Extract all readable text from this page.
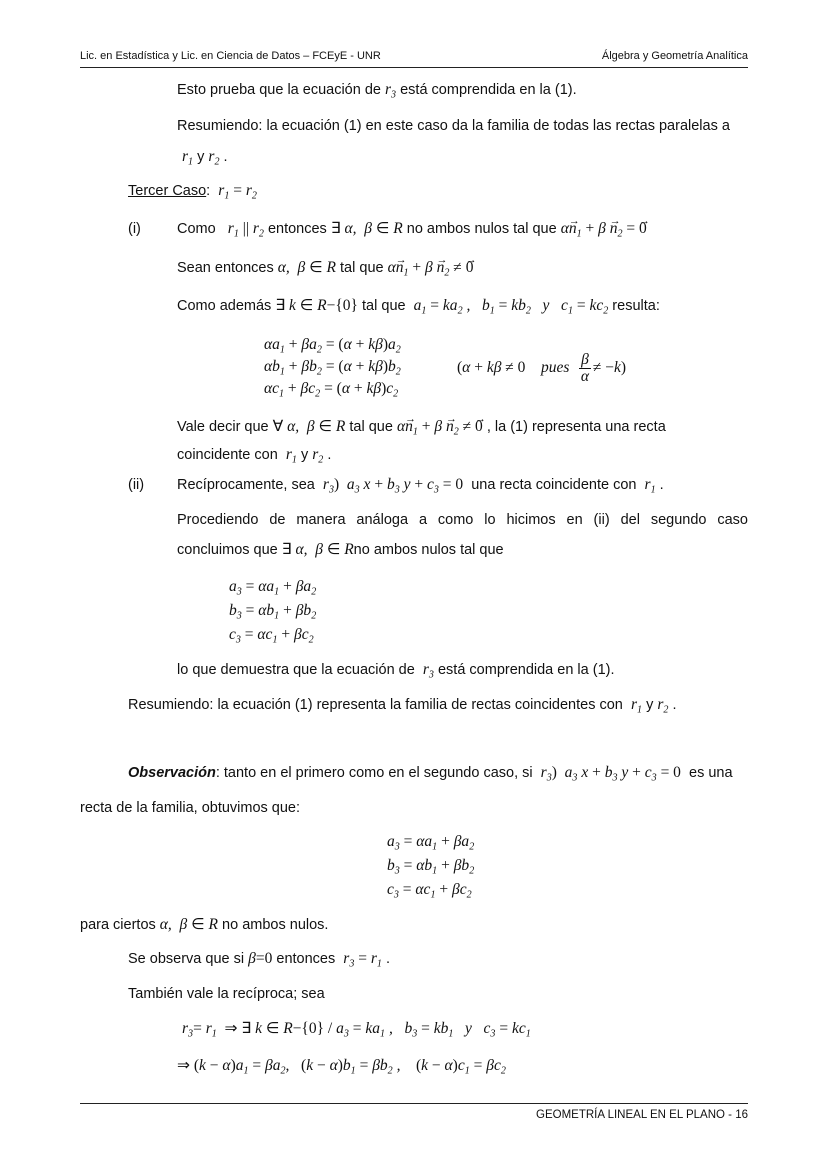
Lic. en Estadística y Lic. en Ciencia de Datos – FCEyE - UNR	Álgebra y Geometría Analítica
Esto prueba que la ecuación de $r_3$ está comprendida en la (1).
Resumiendo: la ecuación (1) en este caso da la familia de todas las rectas paralelas a
$r_1$ y $r_2$ .
Tercer Caso:  $r_1 = r_2$
(i) Como $r_1$ || $r_2$ entonces ∃ α,  β ∈ R no ambos nulos tal que $\alpha\to n_1 + \beta \to n_2$ = → 0
Sean entonces α,  β ∈ R tal que $\alpha\to n_1 + \beta \to n_2$ ≠ → 0
Como además ∃ k ∈ R−{0} tal que $a_1 = ka_2$ ,   $b_1 = kb_2$   y   $c_1 = kc_2$ resulta:
$\alpha a_1 + \beta a_2 = (\alpha + k\beta)a_2$
$\alpha b_1 + \beta b_2 = (\alpha + k\beta)b_2$
$\alpha c_1 + \beta c_2 = (\alpha + k\beta)c_2$
(α + kβ ≠ 0    pues $\frac{\beta}{\alpha} \ne -k$)
Vale decir que ∀ α,  β ∈ R tal que $\alpha\to n_1 + \beta \to n_2$ ≠ → 0 , la (1) representa una recta
coincidente con $r_1$ y $r_2$ .
(ii) Recíprocamente, sea $r_3$)  $a_3$ $x + b_3$ $y + c_3 = 0$ una recta coincidente con $r_1$ .
Procediendo de manera análoga a como lo hicimos en (ii) del segundo caso
concluimos que ∃ α,  β ∈ Rno ambos nulos tal que
$a_3 = \alpha a_1 + \beta a_2$
$b_3 = \alpha b_1 + \beta b_2$
$c_3 = \alpha c_1 + \beta c_2$
lo que demuestra que la ecuación de $r_3$ está comprendida en la (1).
Resumiendo: la ecuación (1) representa la familia de rectas coincidentes con $r_1$ y $r_2$ .
Observación: tanto en el primero como en el segundo caso, si $r_3$)  $a_3$ $x + b_3$ $y + c_3 = 0$ es una
recta de la familia, obtuvimos que:
$a_3 = \alpha a_1 + \beta a_2$
$b_3 = \alpha b_1 + \beta b_2$
$c_3 = \alpha c_1 + \beta c_2$
para ciertos α,  β ∈ R no ambos nulos.
Se observa que si β=0 entonces $r_3 = r_1$ .
También vale la recíproca; sea
$r_3= r_1$ ⇒ ∃ k ∈ $R-\{0\} / a_3 = ka_1$ ,   $b_3 = kb_1$   y   $c_3 = kc_1$
⇒ $(k - \alpha)a_1 = \beta a_2$,   $(k - \alpha)b_1 = \beta b_2$ ,    $(k - \alpha)c_1 = \beta c_2$
GEOMETRÍA LINEAL EN EL PLANO - 16
